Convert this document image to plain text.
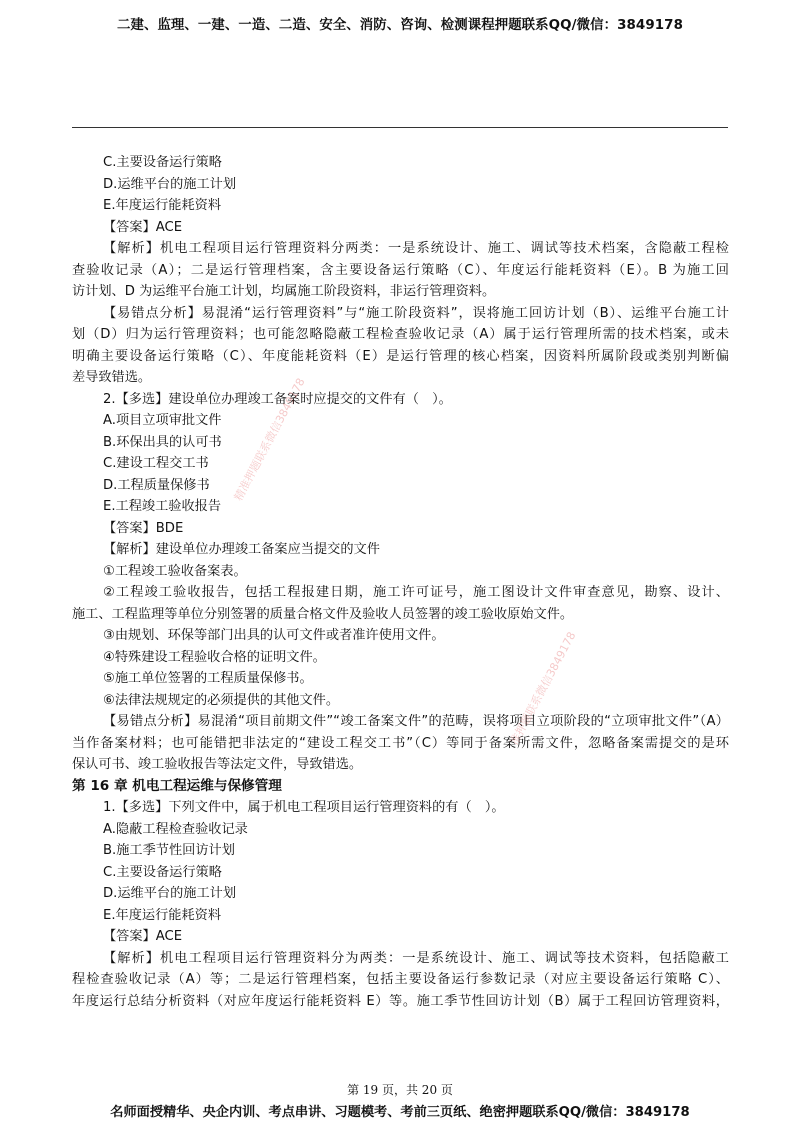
二建、监理、一建、一造、二造、安全、消防、咨询、检测课程押题联系QQ/微信：3849178
C.主要设备运行策略
D.运维平台的施工计划
E.年度运行能耗资料
【答案】ACE
【解析】机电工程项目运行管理资料分两类：一是系统设计、施工、调试等技术档案，含隐蔽工程检
查验收记录（A）；二是运行管理档案，含主要设备运行策略（C）、年度运行能耗资料（E）。B 为施工回
访计划、D 为运维平台施工计划，均属施工阶段资料，非运行管理资料。
【易错点分析】易混淆“运行管理资料”与“施工阶段资料”，误将施工回访计划（B）、运维平台施工计
划（D）归为运行管理资料；也可能忽略隐蔽工程检查验收记录（A）属于运行管理所需的技术档案，或未
明确主要设备运行策略（C）、年度能耗资料（E）是运行管理的核心档案，因资料所属阶段或类别判断偏
差导致错选。
2.【多选】建设单位办理竣工备案时应提交的文件有（　）。
A.项目立项审批文件
B.环保出具的认可书
C.建设工程交工书
D.工程质量保修书
E.工程竣工验收报告
【答案】BDE
【解析】建设单位办理竣工备案应当提交的文件
①工程竣工验收备案表。
②工程竣工验收报告，包括工程报建日期，施工许可证号，施工图设计文件审查意见，勘察、设计、
施工、工程监理等单位分别签署的质量合格文件及验收人员签署的竣工验收原始文件。
③由规划、环保等部门出具的认可文件或者准许使用文件。
④特殊建设工程验收合格的证明文件。
⑤施工单位签署的工程质量保修书。
⑥法律法规规定的必须提供的其他文件。
【易错点分析】易混淆“项目前期文件”“竣工备案文件”的范畴，误将项目立项阶段的“立项审批文件”（A）
当作备案材料；也可能错把非法定的“建设工程交工书”（C）等同于备案所需文件，忽略备案需提交的是环
保认可书、竣工验收报告等法定文件，导致错选。
第 16 章 机电工程运维与保修管理
1.【多选】下列文件中，属于机电工程项目运行管理资料的有（　）。
A.隐蔽工程检查验收记录
B.施工季节性回访计划
C.主要设备运行策略
D.运维平台的施工计划
E.年度运行能耗资料
【答案】ACE
【解析】机电工程项目运行管理资料分为两类：一是系统设计、施工、调试等技术资料，包括隐蔽工
程检查验收记录（A）等；二是运行管理档案，包括主要设备运行参数记录（对应主要设备运行策略 C）、
年度运行总结分析资料（对应年度运行能耗资料 E）等。施工季节性回访计划（B）属于工程回访管理资料，
精准押题联系微信3849178
准押题联系微信3849178
第 19 页，共 20 页
名师面授精华、央企内训、考点串讲、习题模考、考前三页纸、绝密押题联系QQ/微信：3849178
